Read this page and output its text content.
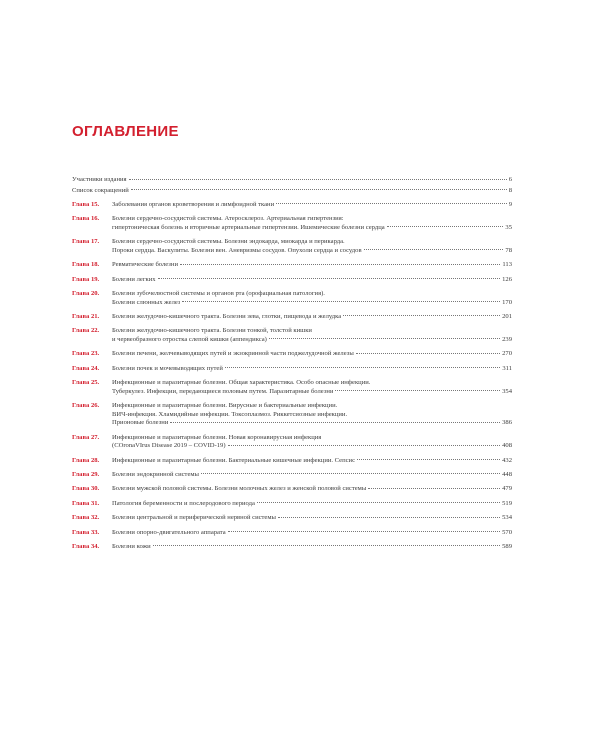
ОГЛАВЛЕНИЕ
Участники издания	6
Список сокращений	8
Глава 15.	Заболевания органов кроветворения и лимфоидной ткани	9
Глава 16.	Болезни сердечно-сосудистой системы. Атеросклероз. Артериальная гипертензия:
гипертоническая болезнь и вторичные артериальные гипертензии. Ишемические болезни сердца	35
Глава 17.	Болезни сердечно-сосудистой системы. Болезни эндокарда, миокарда и перикарда.
Пороки сердца. Васкулиты. Болезни вен. Аневризмы сосудов. Опухоли сердца и сосудов	78
Глава 18.	Ревматические болезни	113
Глава 19.	Болезни легких	126
Глава 20.	Болезни зубочелюстной системы и органов рта (орофациальная патология).
Болезни слюнных желез	170
Глава 21.	Болезни желудочно-кишечного тракта. Болезни зева, глотки, пищевода и желудка	201
Глава 22.	Болезни желудочно-кишечного тракта. Болезни тонкой, толстой кишки
и червеобразного отростка слепой кишки (аппендикса)	239
Глава 23.	Болезни печени, желчевыводящих путей и экзокринной части поджелудочной железы	270
Глава 24.	Болезни почек и мочевыводящих путей	311
Глава 25.	Инфекционные и паразитарные болезни. Общая характеристика. Особо опасные инфекции.
Туберкулез. Инфекции, передающиеся половым путем. Паразитарные болезни	354
Глава 26.	Инфекционные и паразитарные болезни. Вирусные и бактериальные инфекции.
ВИЧ-инфекция. Хламидийные инфекции. Токсоплазмоз. Риккетсиозные инфекции.
Прионовые болезни	386
Глава 27.	Инфекционные и паразитарные болезни. Новая коронавирусная инфекция
(COronaVIrus Disease 2019 – COVID-19)	408
Глава 28.	Инфекционные и паразитарные болезни. Бактериальные кишечные инфекции. Сепсис	432
Глава 29.	Болезни эндокринной системы	448
Глава 30.	Болезни мужской половой системы. Болезни молочных желез и женской половой системы	479
Глава 31.	Патология беременности и послеродового периода	519
Глава 32.	Болезни центральной и периферической нервной системы	534
Глава 33.	Болезни опорно-двигательного аппарата	570
Глава 34.	Болезни кожи	589
